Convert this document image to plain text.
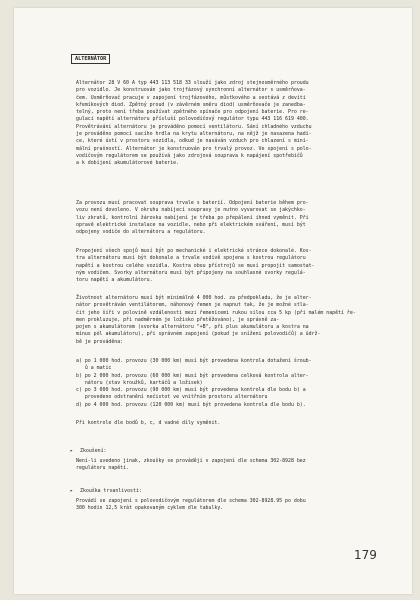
ALTERNÁTOR

Alternátor 28 V 60 A typ 443 113 518 33 slouží jako zdroj stejnosměrného proudu
pro vozidlo. Je konstruován jako trojfázový synchronní alternátor s usměrňova-
čem. Usměrňovač pracuje v zapojení trojfázového, můstkového a sestává z devíti
křemíkových diod. Zpětný proud (v závěrném směru diod) usměrňovače je zanedba-
telný, proto není třeba používat zpětného spínače pro odpojení baterie. Pro re-
gulaci napětí alternátoru přísluší polovodičový regulátor typu 443 116 619 400.
Provětrávání alternátoru je prováděno pomocí ventilátoru. Sání chladného vzduchu
je prováděno pomocí sacího hrdla na krytu alternátoru, na nějž je nasazena hadi-
ce, které ústí v prostoru vozidla, odkud je nasáván vzduch pro chlazení s mini-
mální prašností. Alternátor je konstruován pro trvalý provoz. Ve spojení s polo-
vodičovým regulátorem se používá jako zdrojová souprava k napájení spotřebičů
a k dobíjení akumulátorové baterie.

Za provozu musí pracovat souprava trvale s baterií. Odpojení baterie během pro-
vozu není dovoleno. V okruhu nabíjecí soupravy je nutno vyvarovat se jakýchko-
liv zkratů, kontrolní žárovku nabíjení je třeba po přepálení ihned vyměnit. Při
opravě elektrické instalace na vozidle, nebo při elektrickém sváření, musí být
odpojeny vodiče do alternátoru a regulátoru.

Propojení všech spojů musí být po mechanické i elektrické stránce dokonalé. Kos-
tra alternátoru musí být dokonale a trvale vodivě spojena s kostrou regulátoru
napětí a kostrou celého vozidla. Kostra obou přístrojů se musí propojit samostat-
ným vodičem. Svorky alternátoru musí být připojeny na souhlasné svorky regulá-
toru napětí a akumulátoru.

Životnost alternátoru musí být minimálně 4 000 hod. za předpokladu, že je alter-
nátor provětráván ventilátorem, náhonový řemen je napnut tak, že je možné stla-
čit jeho šíři v polovině vzdálenosti mezi řemenicemi rukou silou cca 5 kp (při malém napětí ře-
men prokluzuje, při nadměrném je ložisko přetěžováno), je správně za-
pojen s akumulátorem (svorka alternátoru "+B", při plus akumulátoru a kostra na
mínus pól akumulátoru), při správném zapojení (pokud je sníženi polovodičů) a údrž-
bě je prováděna:

a) po 1 000 hod. provozu (30 000 km) musí být provedena kontrola dotažení šroub-
ů a matic
b) po 2 000 hod. provozu (60 000 km) musí být provedena celková kontrola alter-
nátoru (stav kroužků, kartáčů a ložisek)
c) po 3 000 hod. provozu (90 000 km) musí být provedena kontrola dle bodu b) a
provedeno odstranění nečistot ve vnitřním prostoru alternátoru
d) po 4 000 hod. provozu (120 000 km) musí být provedena kontrola dle bodu b).

Při kontrole dle bodů b, c, d vadné díly vyměnit.

▸ Zkoušení:

Není-li uvedeno jinak, zkoušky se provádějí v zapojení dle schema 302-8928 bez
regulátoru napětí.

▸ Zkouška trvanlivosti:

Provádí se zapojení s polovodičovým regulátorem dle schema 302-8928.95 po dobu
300 hodin 12,5 krát opakovaným cyklem dle tabulky.

179
